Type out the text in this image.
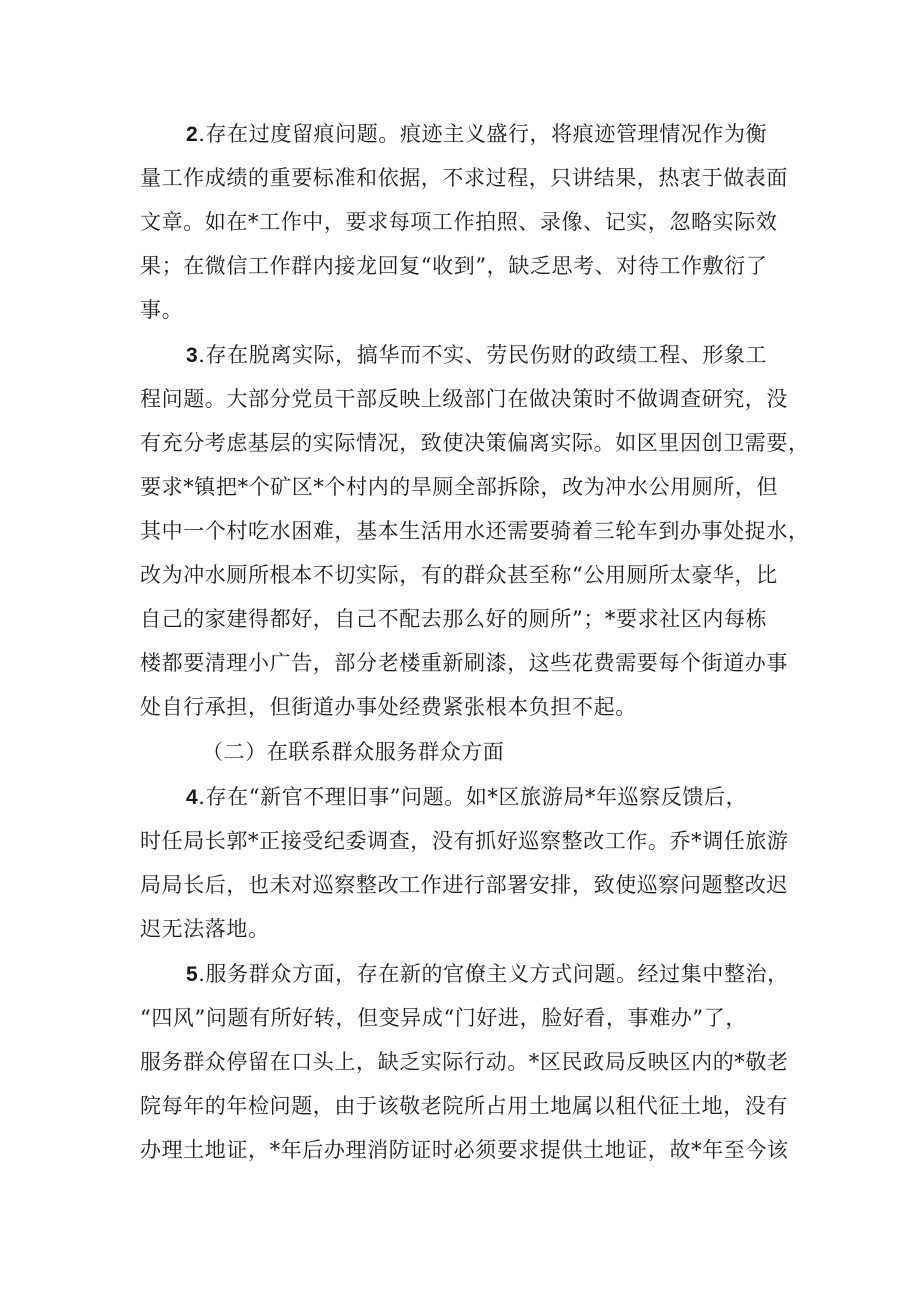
2.存在过度留痕问题。痕迹主义盛行，将痕迹管理情况作为衡
量工作成绩的重要标准和依据，不求过程，只讲结果，热衷于做表面
文章。如在*工作中，要求每项工作拍照、录像、记实，忽略实际效
果；在微信工作群内接龙回复“收到”，缺乏思考、对待工作敷衍了
事。
3.存在脱离实际，搞华而不实、劳民伤财的政绩工程、形象工
程问题。大部分党员干部反映上级部门在做决策时不做调查研究，没
有充分考虑基层的实际情况，致使决策偏离实际。如区里因创卫需要，
要求*镇把*个矿区*个村内的旱厕全部拆除，改为冲水公用厕所，但
其中一个村吃水困难，基本生活用水还需要骑着三轮车到办事处捉水，
改为冲水厕所根本不切实际，有的群众甚至称“公用厕所太豪华，比
自己的家建得都好，自己不配去那么好的厕所”；*要求社区内每栋
楼都要清理小广告，部分老楼重新刷漆，这些花费需要每个街道办事
处自行承担，但街道办事处经费紧张根本负担不起。
（二）在联系群众服务群众方面
4.存在“新官不理旧事”问题。如*区旅游局*年巡察反馈后，
时任局长郭*正接受纪委调查，没有抓好巡察整改工作。乔*调任旅游
局局长后，也未对巡察整改工作进行部署安排，致使巡察问题整改迟
迟无法落地。
5.服务群众方面，存在新的官僚主义方式问题。经过集中整治，
“四风”问题有所好转，但变异成“门好进，脸好看，事难办”了，
服务群众停留在口头上，缺乏实际行动。*区民政局反映区内的*敬老
院每年的年检问题，由于该敬老院所占用土地属以租代征土地，没有
办理土地证，*年后办理消防证时必须要求提供土地证，故*年至今该
